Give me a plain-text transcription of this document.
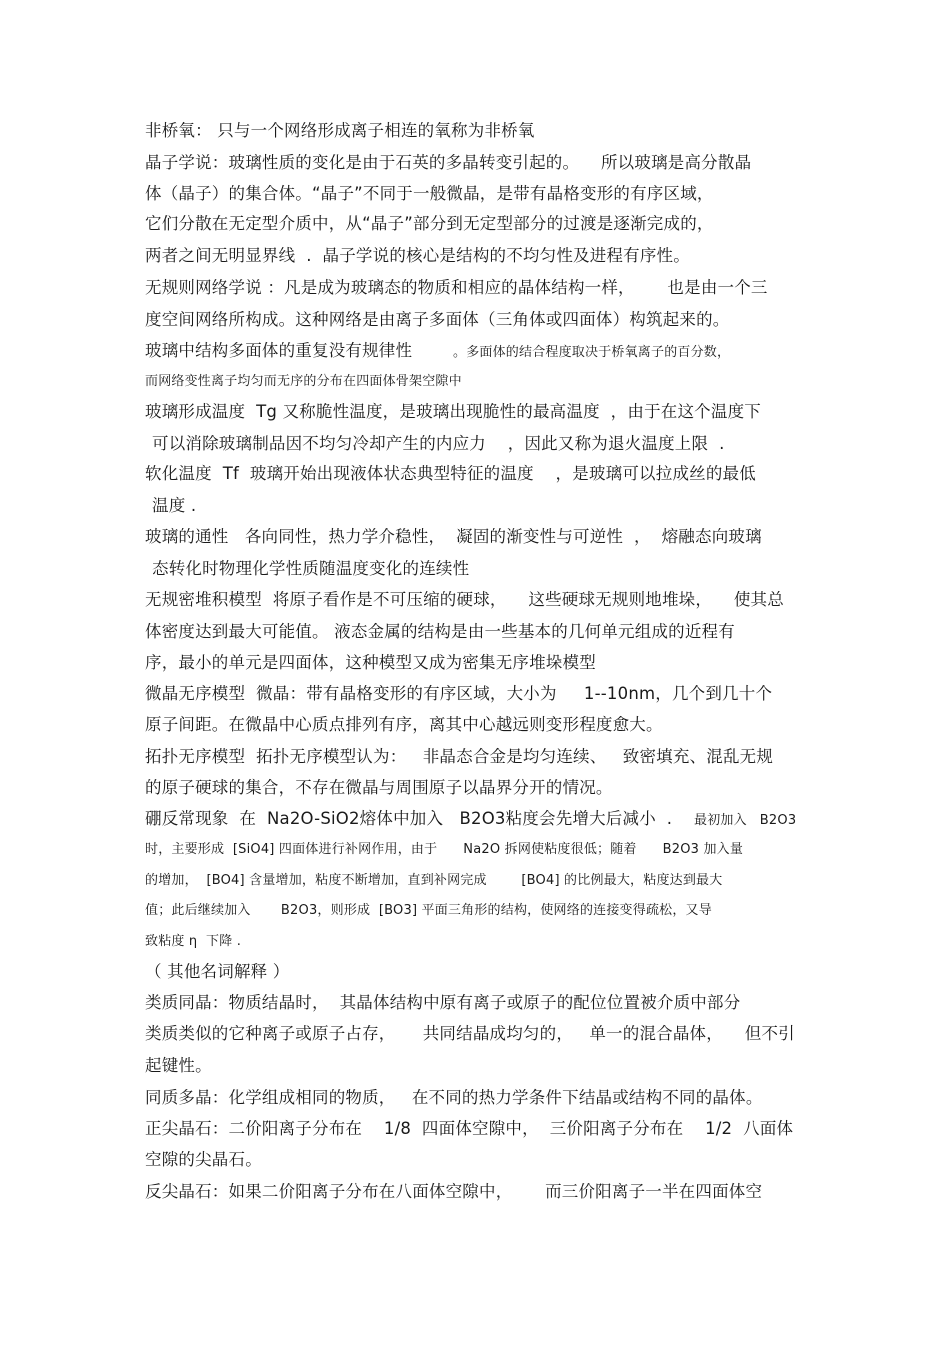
非桥氧： 只与一个网络形成离子相连的氧称为非桥氧
晶子学说：玻璃性质的变化是由于石英的多晶转变引起的。    所以玻璃是高分散晶
体（晶子）的集合体。“晶子”不同于一般微晶，是带有晶格变形的有序区域，
它们分散在无定型介质中，从“晶子”部分到无定型部分的过渡是逐渐完成的，
两者之间无明显界线  .  晶子学说的核心是结构的不均匀性及进程有序性。
无规则网络学说 ：凡是成为玻璃态的物质和相应的晶体结构一样，      也是由一个三
度空间网络所构成。这种网络是由离子多面体（三角体或四面体）构筑起来的。
玻璃中结构多面体的重复没有规律性	。多面体的结合程度取决于桥氧离子的百分数，
而网络变性离子均匀而无序的分布在四面体骨架空隙中
玻璃形成温度  Tg 又称脆性温度，是玻璃出现脆性的最高温度  ，由于在这个温度下
可以消除玻璃制品因不均匀冷却产生的内应力    ，因此又称为退火温度上限  .
软化温度  Tf  玻璃开始出现液体状态典型特征的温度    ，是玻璃可以拉成丝的最低
温度 .
玻璃的通性   各向同性，热力学介稳性，  凝固的渐变性与可逆性  ，  熔融态向玻璃
态转化时物理化学性质随温度变化的连续性
无规密堆积模型  将原子看作是不可压缩的硬球，    这些硬球无规则地堆垛，    使其总
体密度达到最大可能值。 液态金属的结构是由一些基本的几何单元组成的近程有
序，最小的单元是四面体，这种模型又成为密集无序堆垛模型
微晶无序模型  微晶：带有晶格变形的有序区域，大小为     1--10nm，几个到几十个
原子间距。在微晶中心质点排列有序，离其中心越远则变形程度愈大。
拓扑无序模型  拓扑无序模型认为：   非晶态合金是均匀连续、   致密填充、混乱无规
的原子硬球的集合，不存在微晶与周围原子以晶界分开的情况。
硼反常现象  在  Na2O-SiO2熔体中加入   B2O3粘度会先增大后减小  . 最初加入   B2O3
时，主要形成  [SiO4] 四面体进行补网作用，由于      Na2O 拆网使粘度很低；随着      B2O3 加入量
的增加，  [BO4] 含量增加，粘度不断增加，直到补网完成        [BO4] 的比例最大，粘度达到最大
值；此后继续加入       B2O3，则形成  [BO3] 平面三角形的结构，使网络的连接变得疏松，又导
致粘度 η  下降 .
（ 其他名词解释 ）
类质同晶：物质结晶时，  其晶体结构中原有离子或原子的配位位置被介质中部分
类质类似的它种离子或原子占存，     共同结晶成均匀的，   单一的混合晶体，    但不引
起键性。
同质多晶：化学组成相同的物质，   在不同的热力学条件下结晶或结构不同的晶体。
正尖晶石：二价阳离子分布在    1/8  四面体空隙中，  三价阳离子分布在    1/2  八面体
空隙的尖晶石。
反尖晶石：如果二价阳离子分布在八面体空隙中，      而三价阳离子一半在四面体空
